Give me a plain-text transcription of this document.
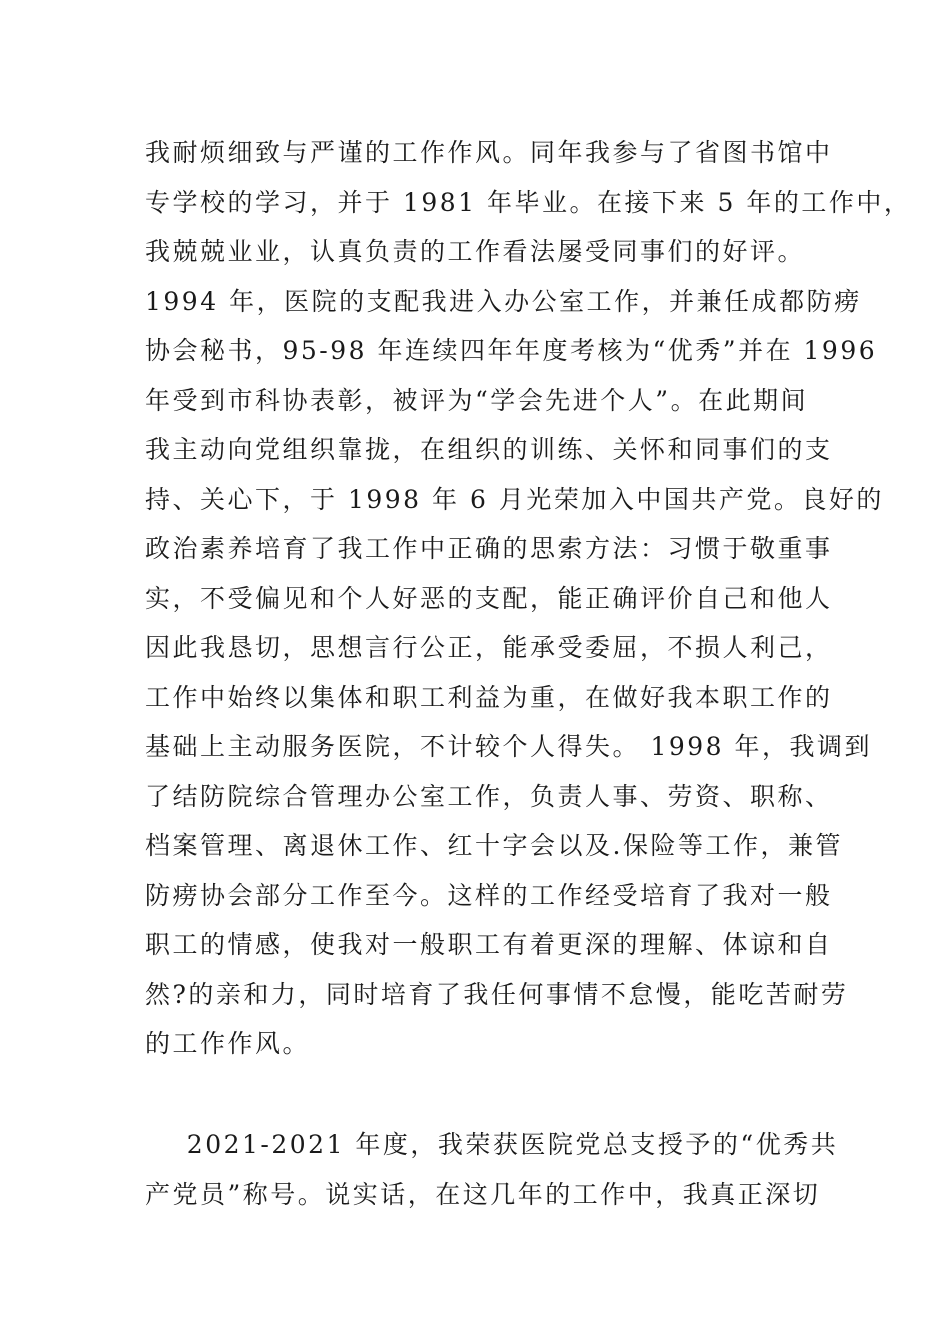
我耐烦细致与严谨的工作作风。同年我参与了省图书馆中
专学校的学习，并于 1981 年毕业。在接下来 5 年的工作中，
我兢兢业业，认真负责的工作看法屡受同事们的好评。
1994 年，医院的支配我进入办公室工作，并兼任成都防痨
协会秘书，95-98 年连续四年年度考核为“优秀”并在 1996
年受到市科协表彰，被评为“学会先进个人”。在此期间
我主动向党组织靠拢，在组织的训练、关怀和同事们的支
持、关心下，于 1998 年 6 月光荣加入中国共产党。良好的
政治素养培育了我工作中正确的思索方法：习惯于敬重事
实，不受偏见和个人好恶的支配，能正确评价自己和他人
因此我恳切，思想言行公正，能承受委屈，不损人利己，
工作中始终以集体和职工利益为重，在做好我本职工作的
基础上主动服务医院，不计较个人得失。 1998 年，我调到
了结防院综合管理办公室工作，负责人事、劳资、职称、
档案管理、离退休工作、红十字会以及.保险等工作，兼管
防痨协会部分工作至今。这样的工作经受培育了我对一般
职工的情感，使我对一般职工有着更深的理解、体谅和自
然?的亲和力，同时培育了我任何事情不怠慢，能吃苦耐劳
的工作作风。
2021-2021 年度，我荣获医院党总支授予的“优秀共
产党员”称号。说实话，在这几年的工作中，我真正深切
